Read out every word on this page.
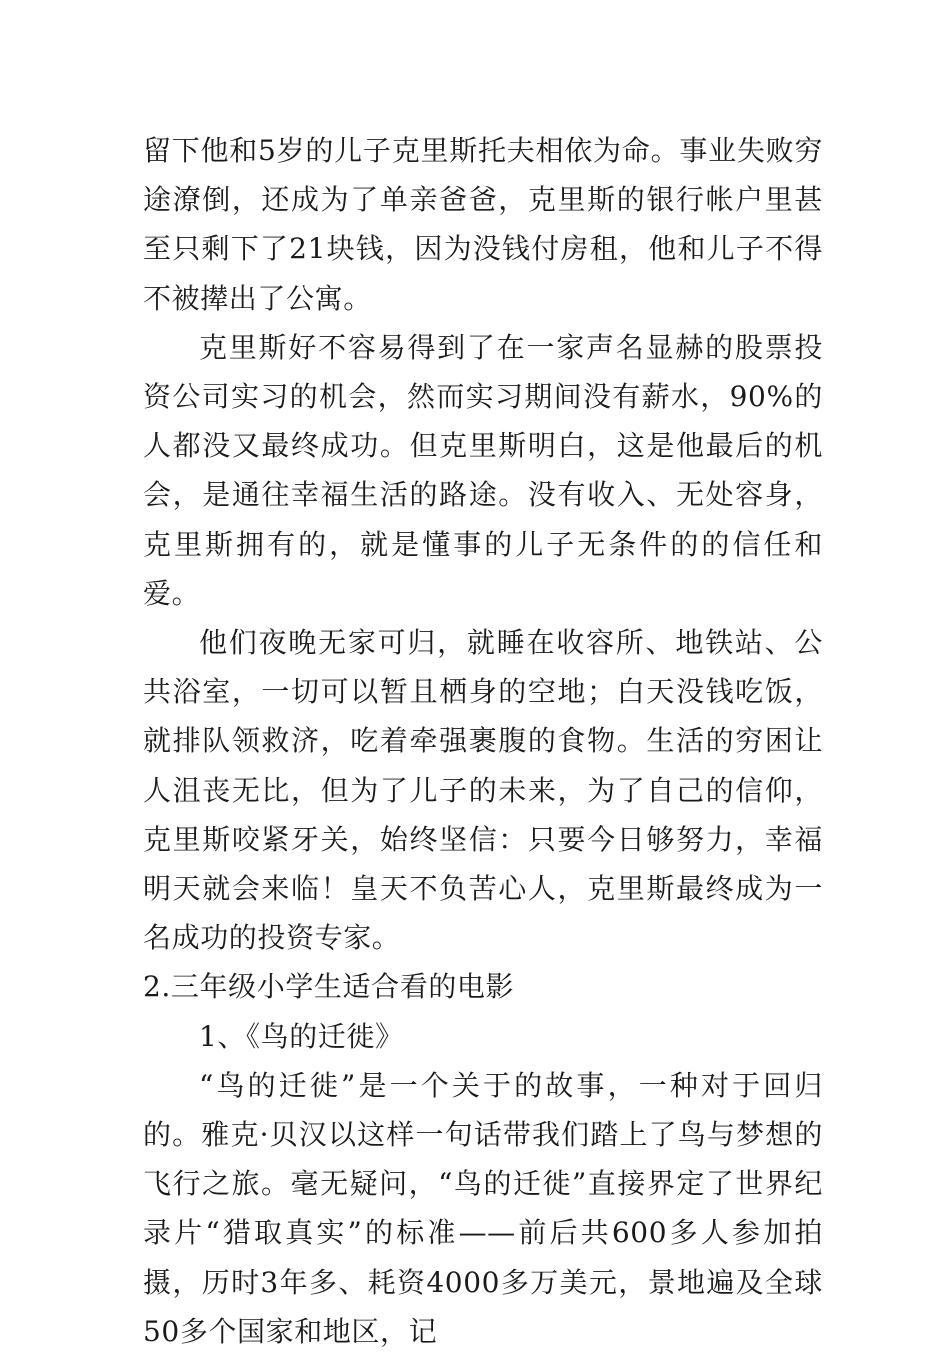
留下他和5岁的儿子克里斯托夫相依为命。事业失败穷途潦倒，还成为了单亲爸爸，克里斯的银行帐户里甚至只剩下了21块钱，因为没钱付房租，他和儿子不得不被撵出了公寓。

克里斯好不容易得到了在一家声名显赫的股票投资公司实习的机会，然而实习期间没有薪水，90%的人都没又最终成功。但克里斯明白，这是他最后的机会，是通往幸福生活的路途。没有收入、无处容身，克里斯拥有的，就是懂事的儿子无条件的的信任和爱。

他们夜晚无家可归，就睡在收容所、地铁站、公共浴室，一切可以暂且栖身的空地；白天没钱吃饭，就排队领救济，吃着牵强裹腹的食物。生活的穷困让人沮丧无比，但为了儿子的未来，为了自己的信仰，克里斯咬紧牙关，始终坚信：只要今日够努力，幸福明天就会来临！皇天不负苦心人，克里斯最终成为一名成功的投资专家。

2.三年级小学生适合看的电影

1、《鸟的迁徙》

“鸟的迁徙”是一个关于的故事，一种对于回归的。雅克·贝汉以这样一句话带我们踏上了鸟与梦想的飞行之旅。毫无疑问，“鸟的迁徙”直接界定了世界纪录片“猎取真实”的标准——前后共600多人参加拍摄，历时3年多、耗资4000多万美元，景地遍及全球50多个国家和地区，记
